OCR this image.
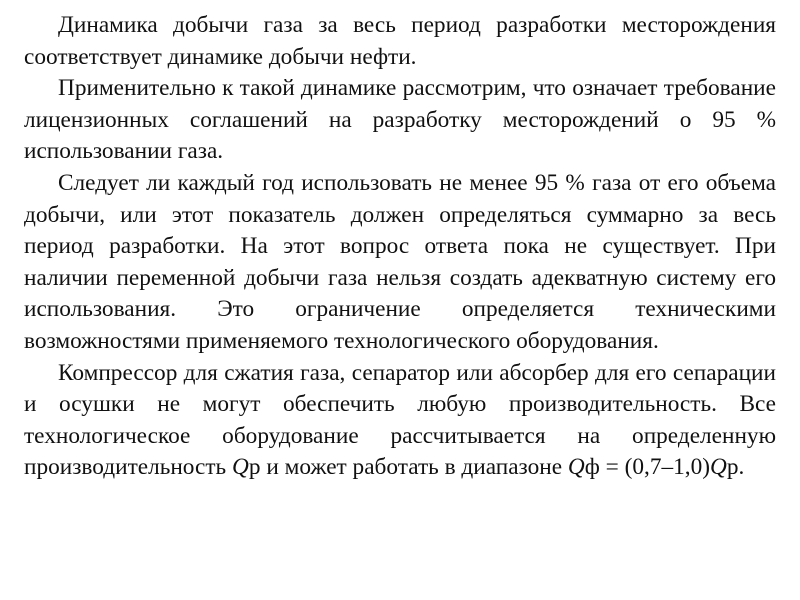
Динамика добычи газа за весь период разработки месторождения соответствует динамике добычи нефти.

Применительно к такой динамике рассмотрим, что означает требование лицензионных соглашений на разработку месторождений о 95 % использовании газа.

Следует ли каждый год использовать не менее 95 % газа от его объема добычи, или этот показатель должен определяться суммарно за весь период разработки. На этот вопрос ответа пока не существует. При наличии переменной добычи газа нельзя создать адекватную систему его использования. Это ограничение определяется техническими возможностями применяемого технологического оборудования.

Компрессор для сжатия газа, сепаратор или абсорбер для его сепарации и осушки не могут обеспечить любую производительность. Все технологическое оборудование рассчитывается на определенную производительность Qр и может работать в диапазоне Qф = (0,7–1,0)Qр.
